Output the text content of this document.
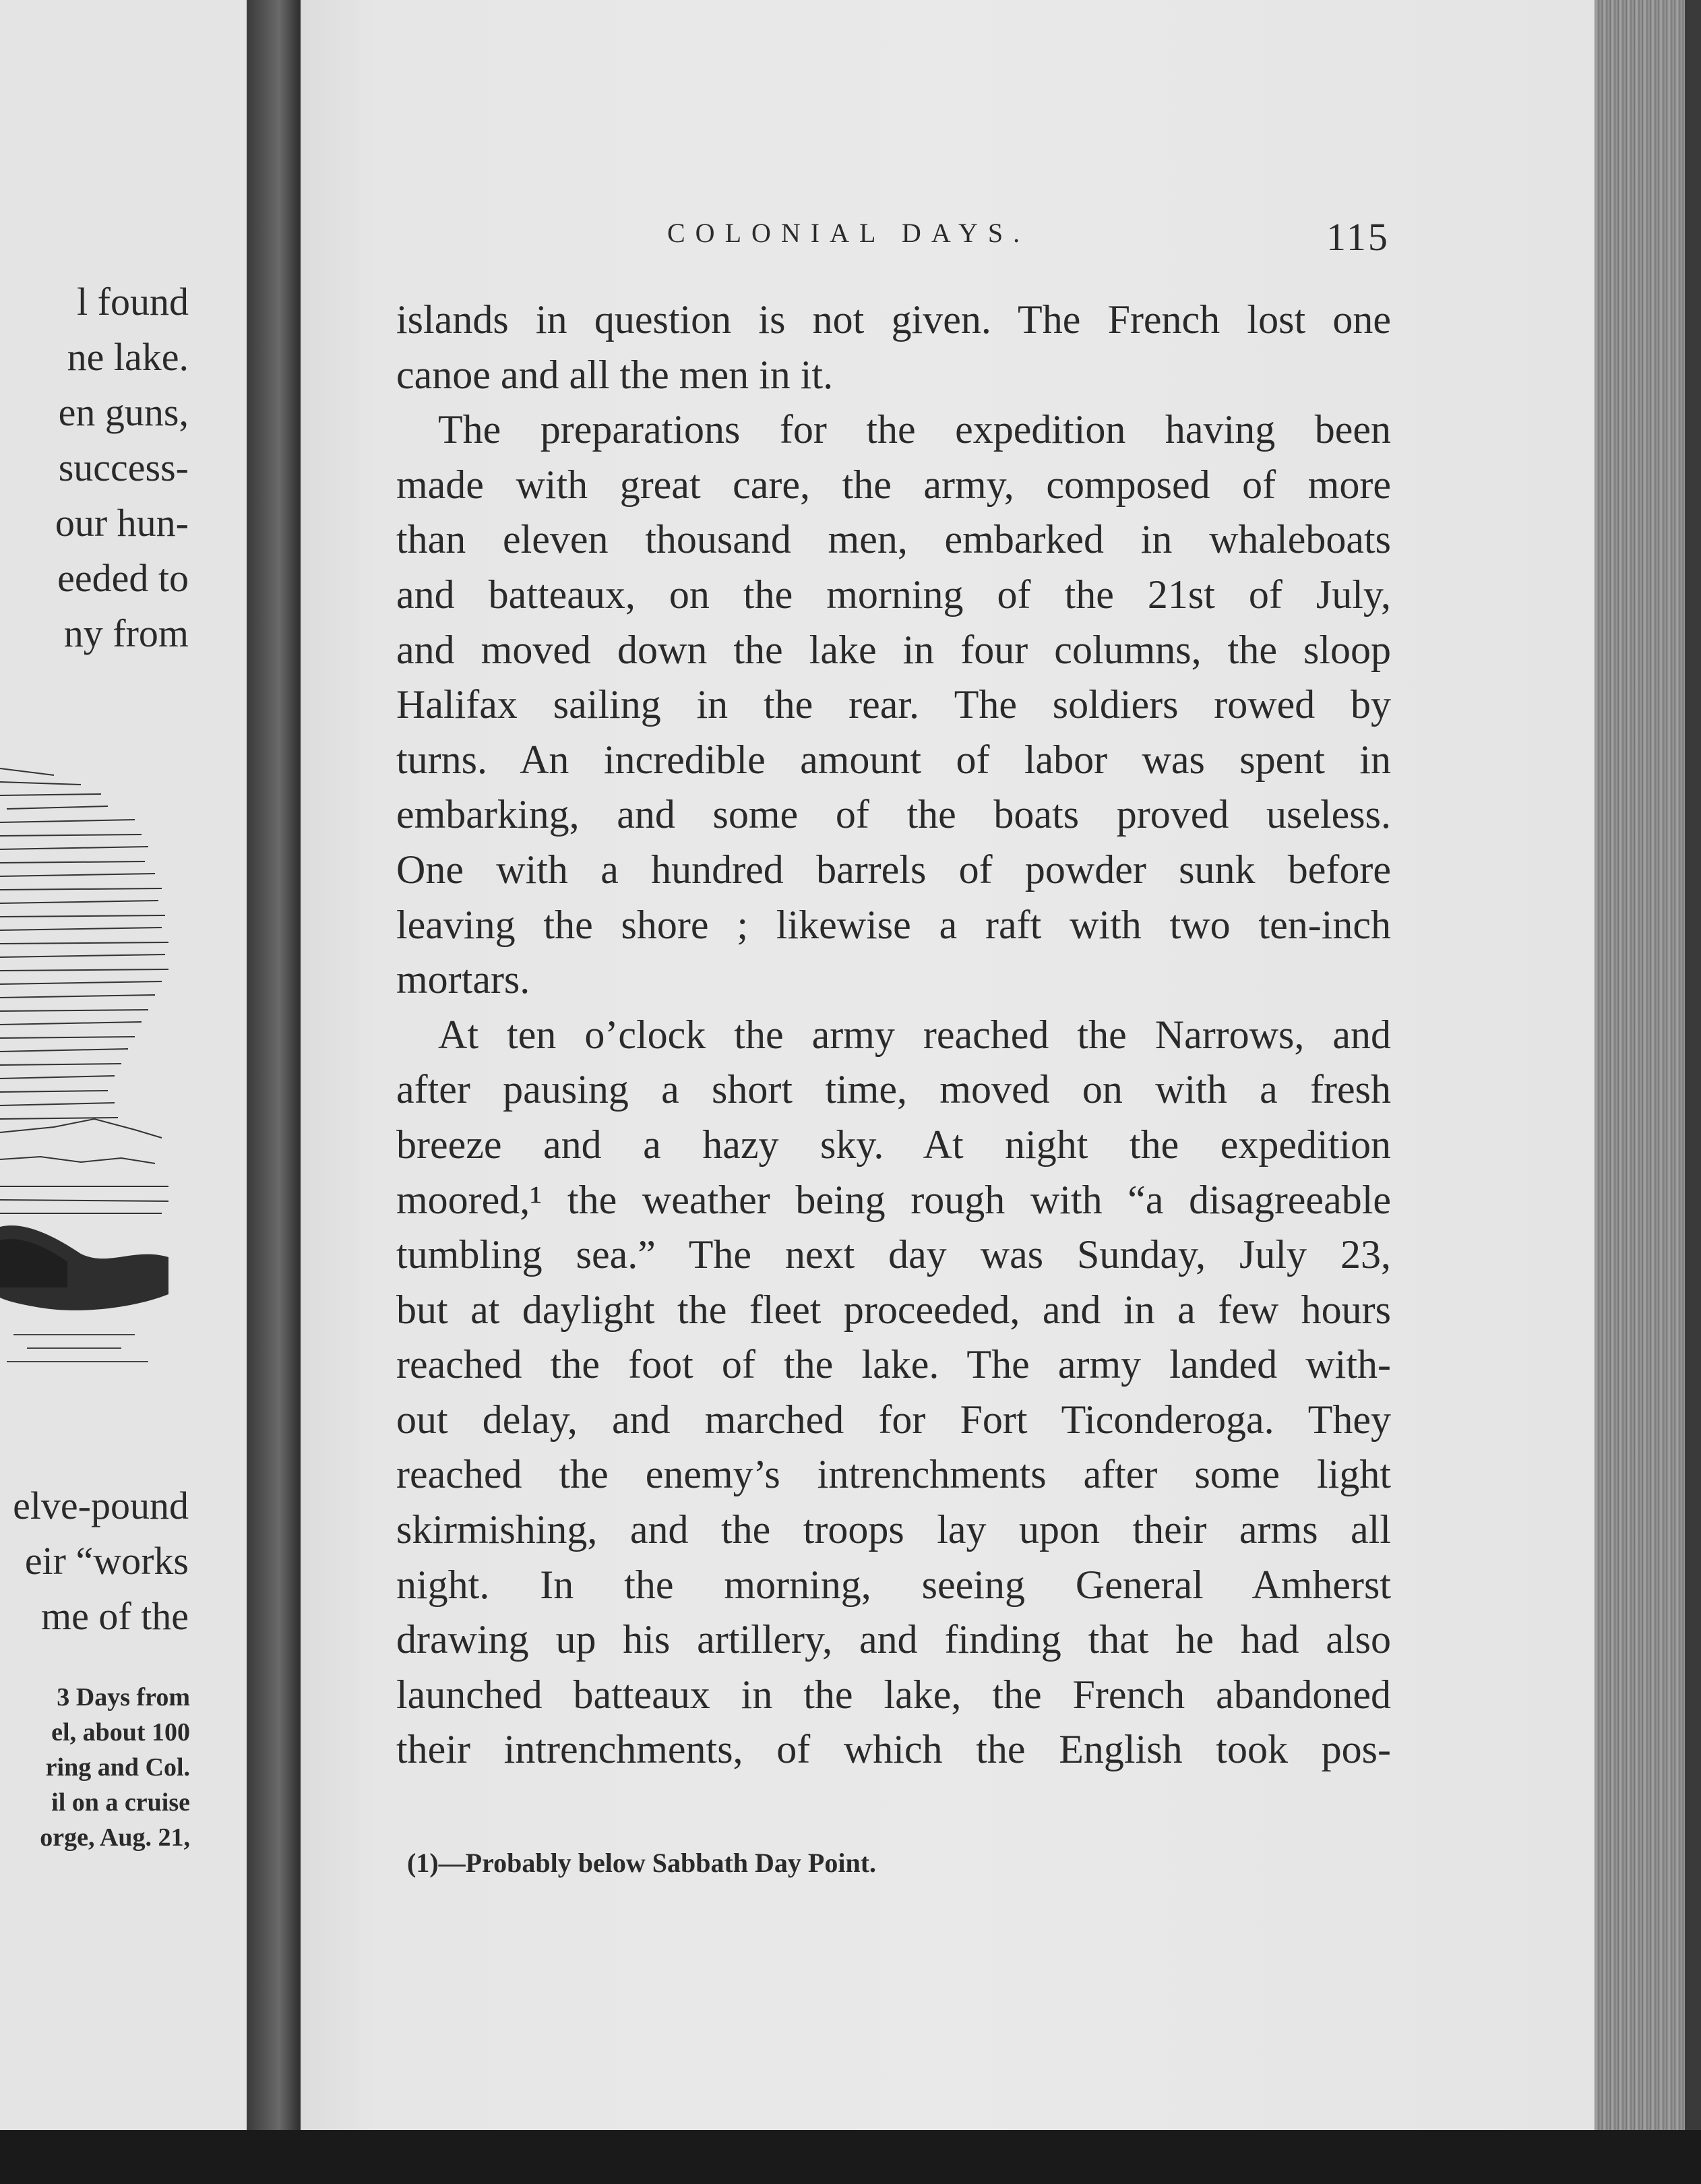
l found
ne lake.
en guns,
success-
our hun-
eeded to
ny from
elve-pound
eir “works
me of the
3 Days from
el, about 100
ring and Col.
il on a cruise
orge, Aug. 21,
COLONIAL DAYS.	115
islands in question is not given. The French lost one
canoe and all the men in it.
The preparations for the expedition having been
made with great care, the army, composed of more
than eleven thousand men, embarked in whaleboats
and batteaux, on the morning of the 21st of July,
and moved down the lake in four columns, the sloop
Halifax sailing in the rear. The soldiers rowed by
turns. An incredible amount of labor was spent in
embarking, and some of the boats proved useless.
One with a hundred barrels of powder sunk before
leaving the shore ; likewise a raft with two ten-inch
mortars.
At ten o’clock the army reached the Narrows, and
after pausing a short time, moved on with a fresh
breeze and a hazy sky. At night the expedition
moored,¹ the weather being rough with “a disagreeable
tumbling sea.” The next day was Sunday, July 23,
but at daylight the fleet proceeded, and in a few hours
reached the foot of the lake. The army landed with-
out delay, and marched for Fort Ticonderoga. They
reached the enemy’s intrenchments after some light
skirmishing, and the troops lay upon their arms all
night. In the morning, seeing General Amherst
drawing up his artillery, and finding that he had also
launched batteaux in the lake, the French abandoned
their intrenchments, of which the English took pos-
(1)—Probably below Sabbath Day Point.
